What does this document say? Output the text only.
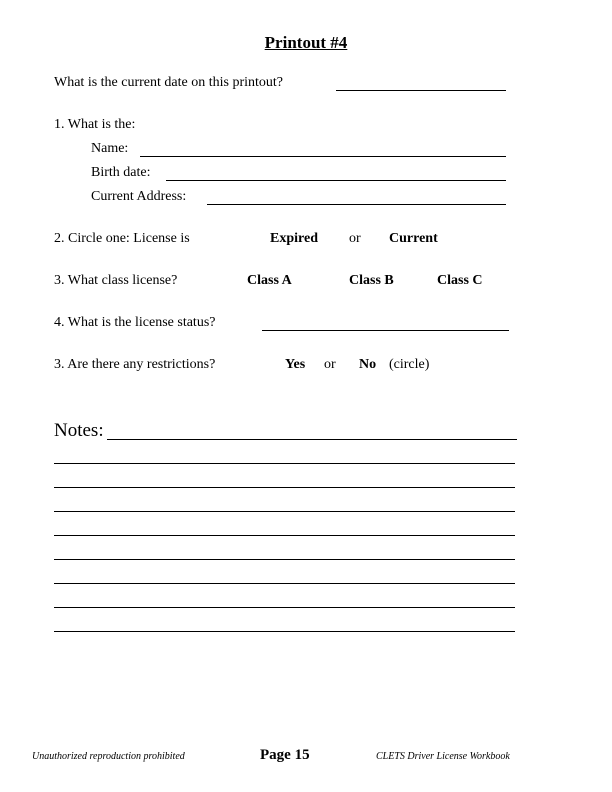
Printout #4
What is the current date on this printout?
1. What is the:
Name:
Birth date:
Current Address:
2. Circle one: License is	Expired or Current
3. What class license?	Class A	Class B	Class C
4. What is the license status?
3. Are there any restrictions?	Yes or No (circle)
Notes:
Unauthorized reproduction prohibited	Page 15	CLETS Driver License Workbook
